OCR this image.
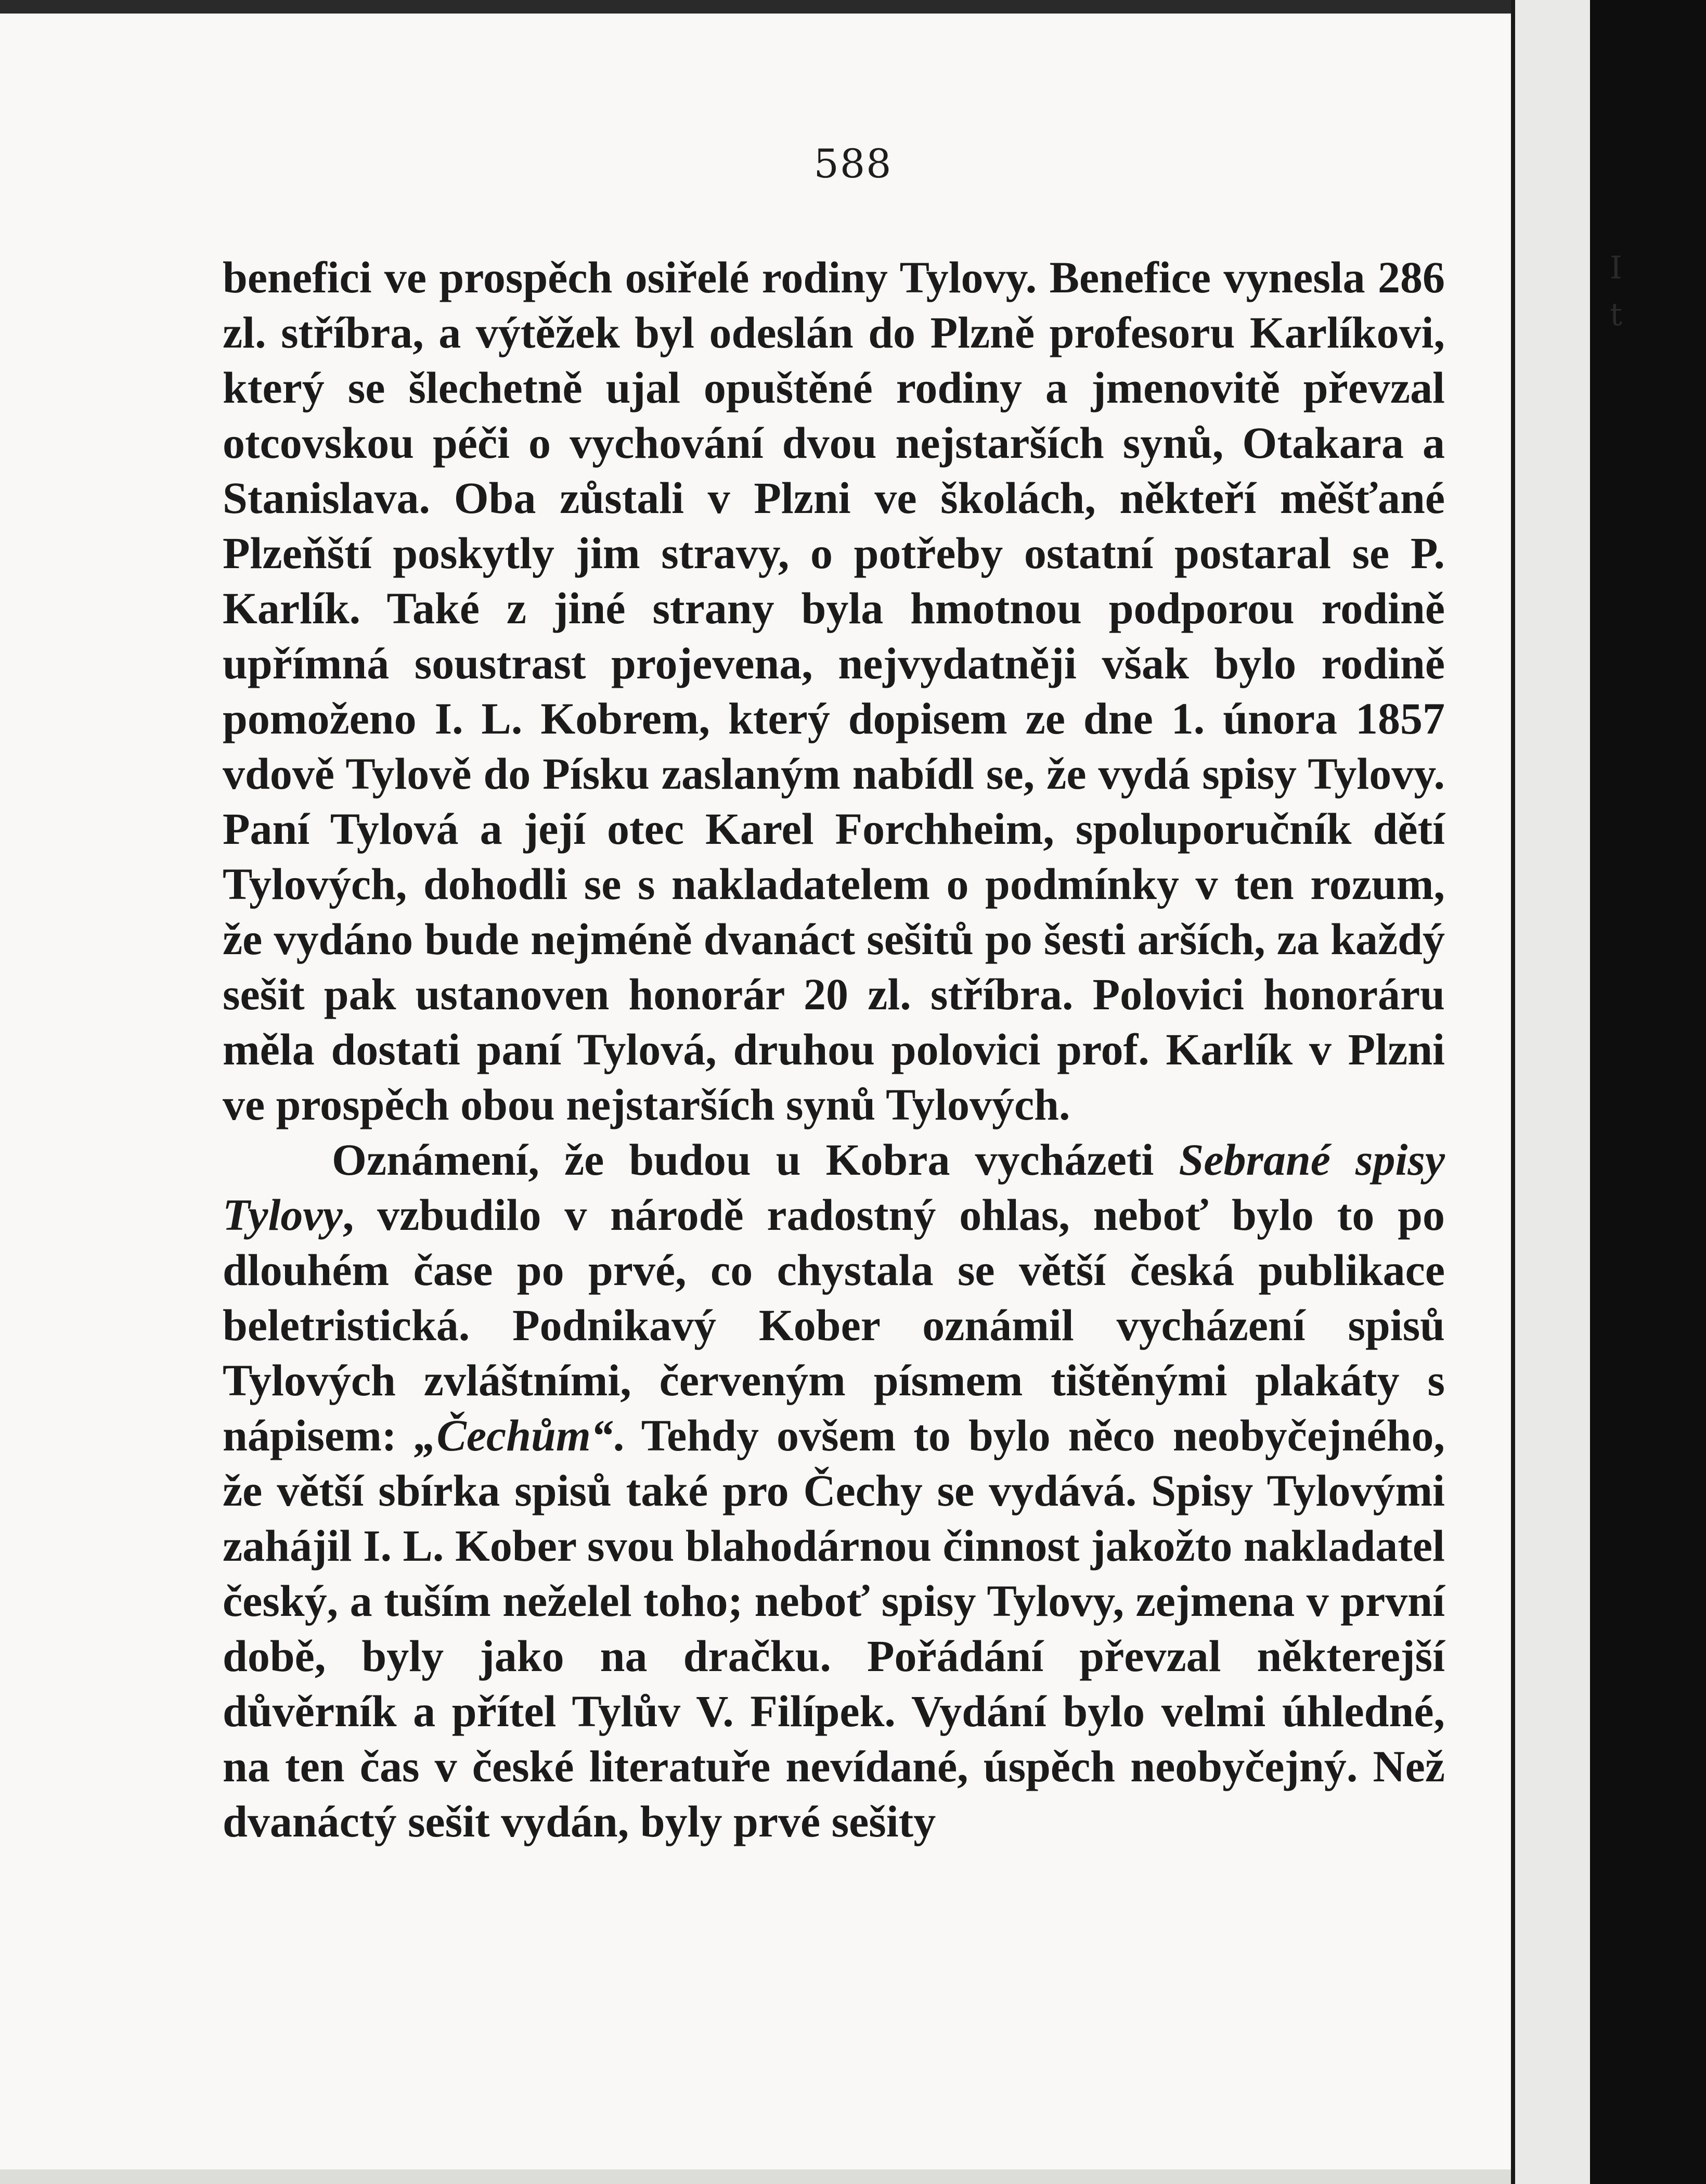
588

benefici ve prospěch osiřelé rodiny Tylovy. Benefice vynesla 286 zl. stříbra, a výtěžek byl odeslán do Plzně profesoru Karlíkovi, který se šlechetně ujal opuštěné rodiny a jmenovitě převzal otcovskou péči o vychování dvou nejstarších synů, Otakara a Stanislava. Oba zůstali v Plzni ve školách, někteří měšťané Plzeňští poskytly jim stravy, o potřeby ostatní postaral se P. Karlík. Také z jiné strany byla hmotnou podporou rodině upřímná soustrast projevena, nejvydatněji však bylo rodině pomoženo I. L. Kobrem, který dopisem ze dne 1. února 1857 vdově Tylově do Písku zaslaným nabídl se, že vydá spisy Tylovy. Paní Tylová a její otec Karel Forchheim, spoluporučník dětí Tylových, dohodli se s nakladatelem o podmínky v ten rozum, že vydáno bude nejméně dvanáct sešitů po šesti arších, za každý sešit pak ustanoven honorár 20 zl. stříbra. Polovici honoráru měla dostati paní Tylová, druhou polovici prof. Karlík v Plzni ve prospěch obou nejstarších synů Tylových.

Oznámení, že budou u Kobra vycházeti Sebrané spisy Tylovy, vzbudilo v národě radostný ohlas, neboť bylo to po dlouhém čase po prvé, co chystala se větší česká publikace beletristická. Podnikavý Kober oznámil vycházení spisů Tylových zvláštními, červeným písmem tištěnými plakáty s nápisem: „Čechům“. Tehdy ovšem to bylo něco neobyčejného, že větší sbírka spisů také pro Čechy se vydává. Spisy Tylovými zahájil I. L. Kober svou blahodárnou činnost jakožto nakladatel český, a tuším neželel toho; neboť spisy Tylovy, zejmena v první době, byly jako na dračku. Pořádání převzal některejší důvěrník a přítel Tylův V. Filípek. Vydání bylo velmi úhledné, na ten čas v české literatuře nevídané, úspěch neobyčejný. Než dvanáctý sešit vydán, byly prvé sešity

I
t
